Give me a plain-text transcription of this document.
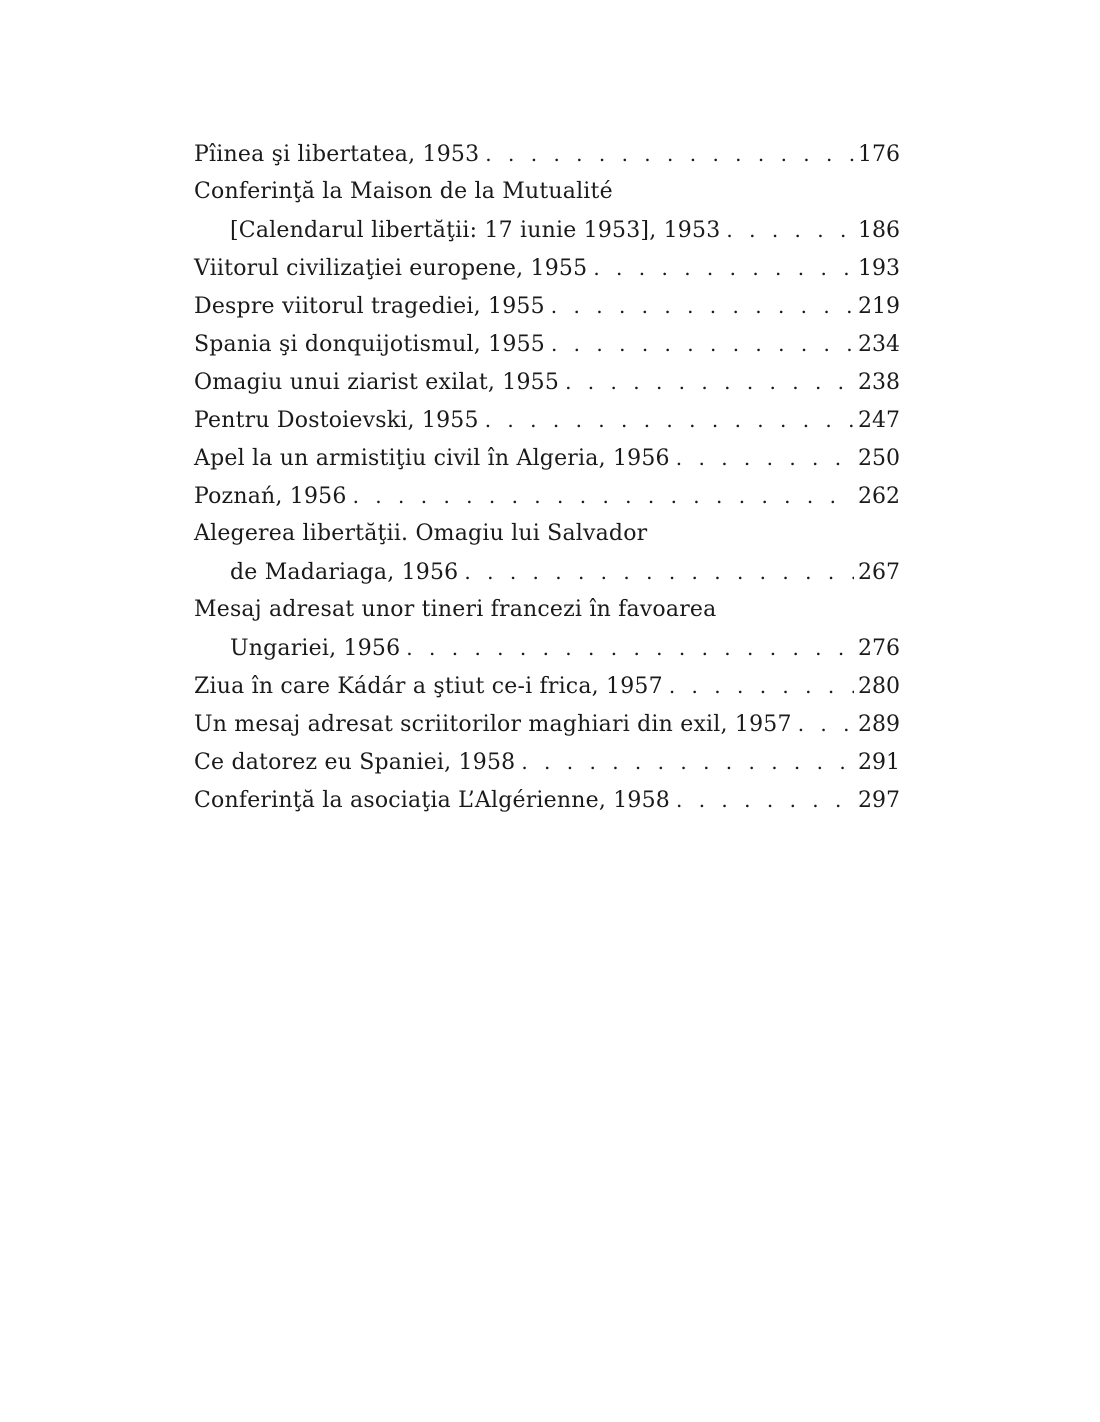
Pîinea şi libertatea, 1953 . . .	176
Conferinţă la Maison de la Mutualité
[Calendarul libertăţii: 17 iunie 1953], 1953 . . .	186
Viitorul civilizaţiei europene, 1955 . . .	193
Despre viitorul tragediei, 1955 . . .	219
Spania şi donquijotismul, 1955 . . .	234
Omagiu unui ziarist exilat, 1955 . . .	238
Pentru Dostoievski, 1955 . . .	247
Apel la un armistiţiu civil în Algeria, 1956 . . .	250
Poznań, 1956 . . .	262
Alegerea libertăţii. Omagiu lui Salvador
de Madariaga, 1956 . . .	267
Mesaj adresat unor tineri francezi în favoarea
Ungariei, 1956 . . .	276
Ziua în care Kádár a ştiut ce-i frica, 1957 . . .	280
Un mesaj adresat scriitorilor maghiari din exil, 1957 . . .	289
Ce datorez eu Spaniei, 1958 . . .	291
Conferinţă la asociaţia L’Algérienne, 1958 . . .	297
